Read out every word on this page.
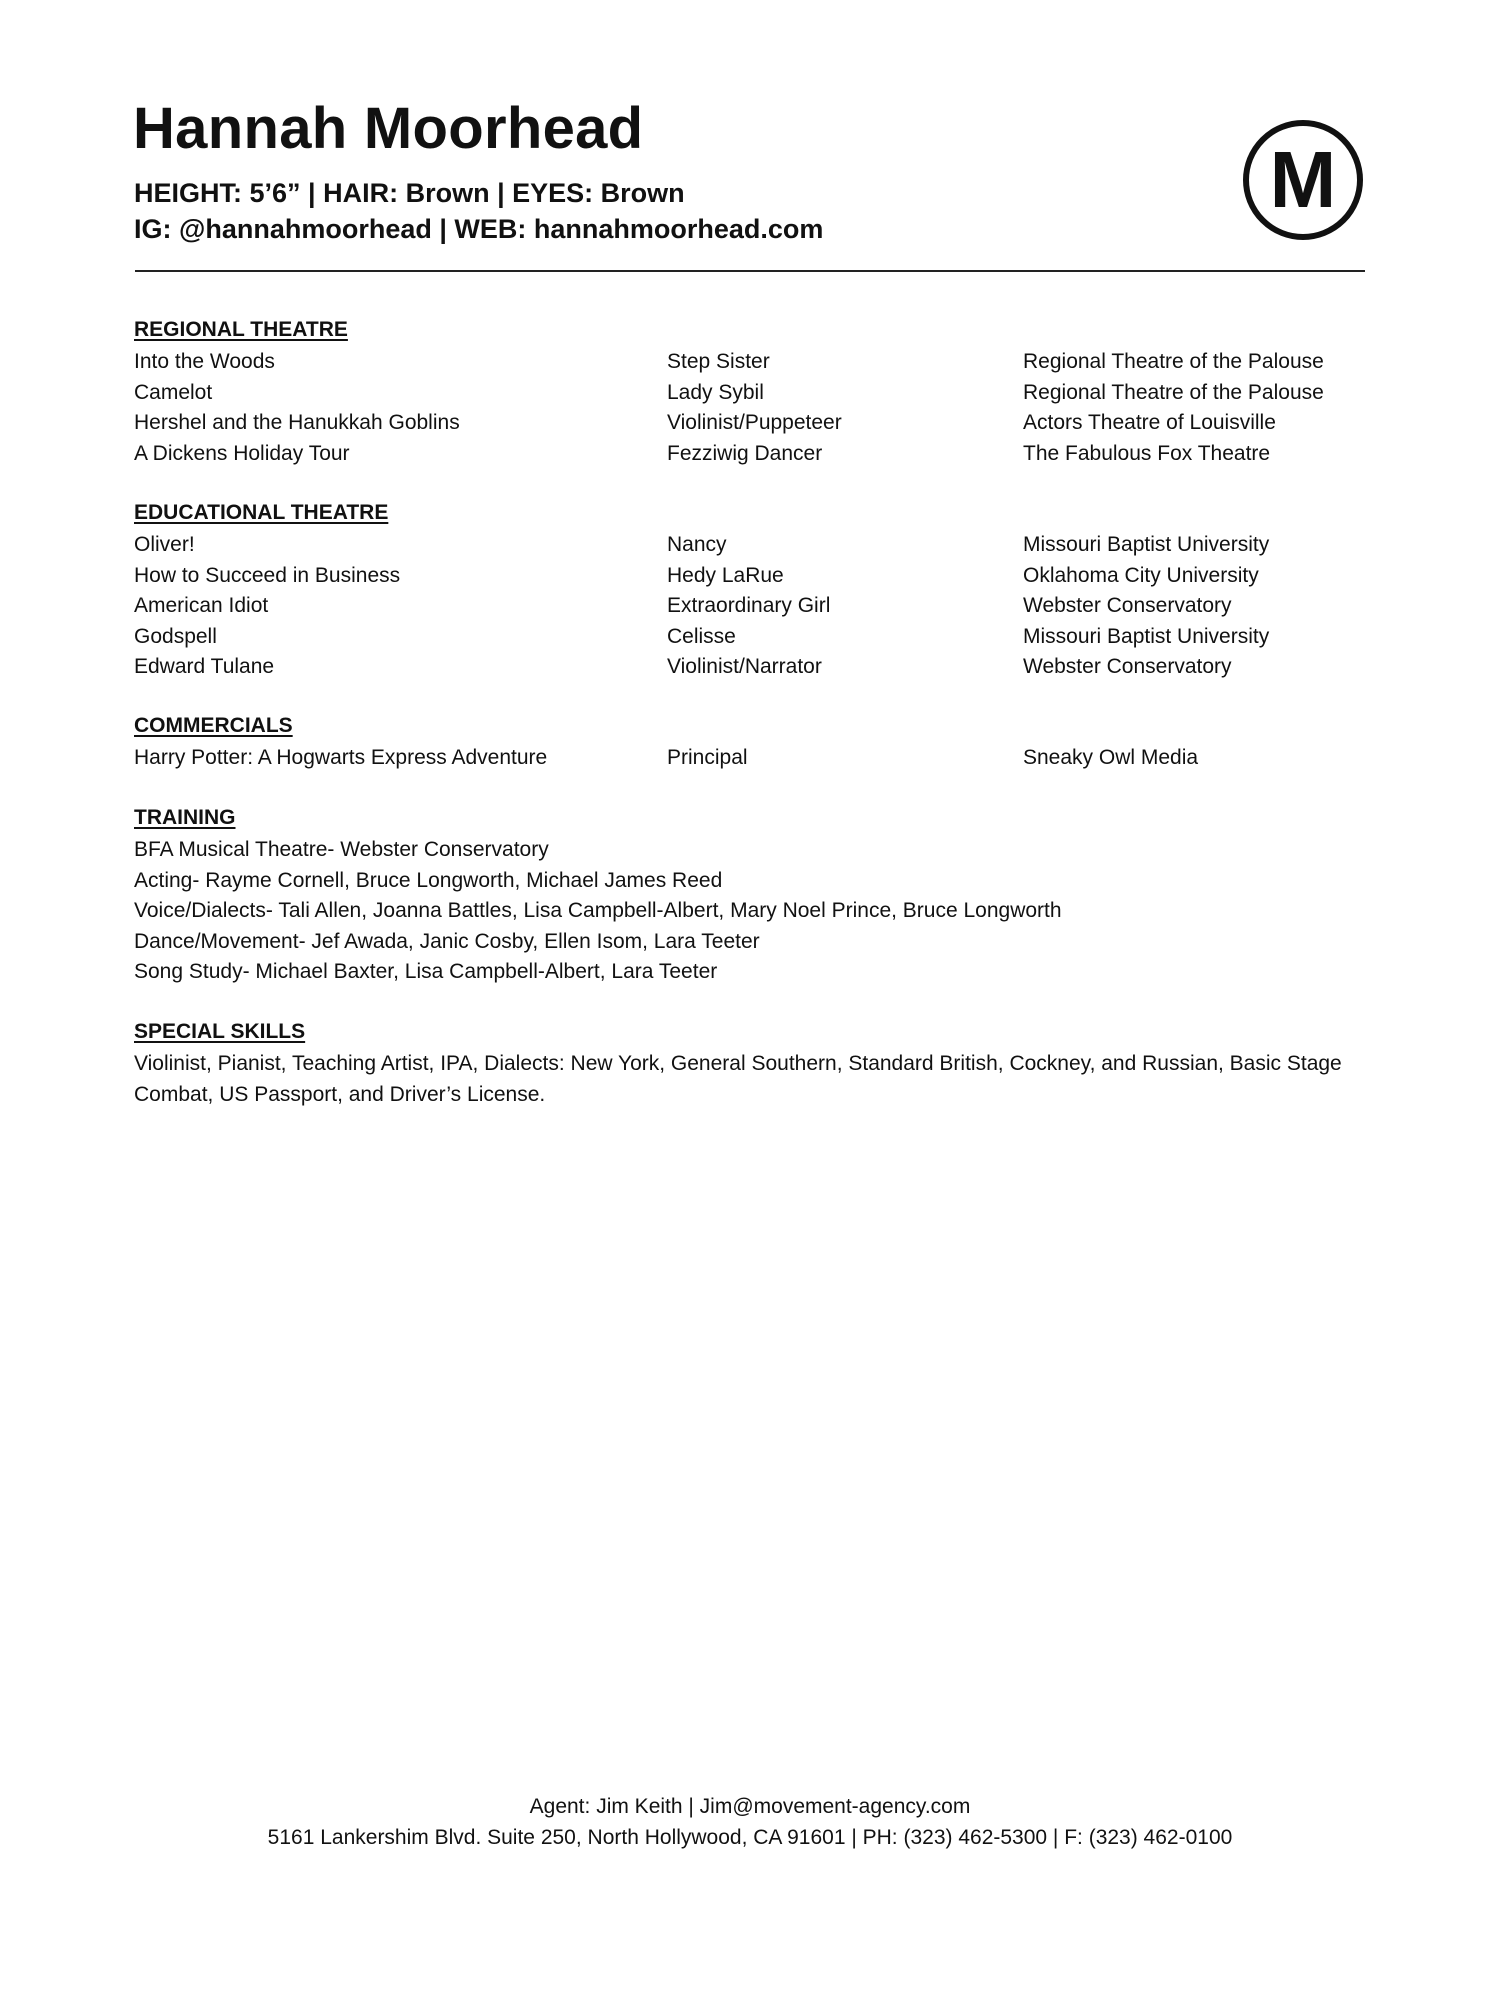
Hannah Moorhead

HEIGHT: 5’6” | HAIR: Brown | EYES: Brown

IG: @hannahmoorhead | WEB: hannahmoorhead.com

M
REGIONAL THEATRE
Into the Woods	Step Sister	Regional Theatre of the Palouse
Camelot	Lady Sybil	Regional Theatre of the Palouse
Hershel and the Hanukkah Goblins	Violinist/Puppeteer	Actors Theatre of Louisville
A Dickens Holiday Tour	Fezziwig Dancer	The Fabulous Fox Theatre
EDUCATIONAL THEATRE
Oliver!	Nancy	Missouri Baptist University
How to Succeed in Business	Hedy LaRue	Oklahoma City University
American Idiot	Extraordinary Girl	Webster Conservatory
Godspell	Celisse	Missouri Baptist University
Edward Tulane	Violinist/Narrator	Webster Conservatory
COMMERCIALS
Harry Potter: A Hogwarts Express Adventure	Principal	Sneaky Owl Media
TRAINING
BFA Musical Theatre- Webster Conservatory
Acting- Rayme Cornell, Bruce Longworth, Michael James Reed
Voice/Dialects- Tali Allen, Joanna Battles, Lisa Campbell-Albert, Mary Noel Prince, Bruce Longworth
Dance/Movement- Jef Awada, Janic Cosby, Ellen Isom, Lara Teeter
Song Study- Michael Baxter, Lisa Campbell-Albert, Lara Teeter
SPECIAL SKILLS
Violinist, Pianist, Teaching Artist, IPA, Dialects: New York, General Southern, Standard British, Cockney, and Russian, Basic Stage Combat, US Passport, and Driver’s License.
Agent: Jim Keith | Jim@movement-agency.com
5161 Lankershim Blvd. Suite 250, North Hollywood, CA 91601 | PH: (323) 462-5300 | F: (323) 462-0100
